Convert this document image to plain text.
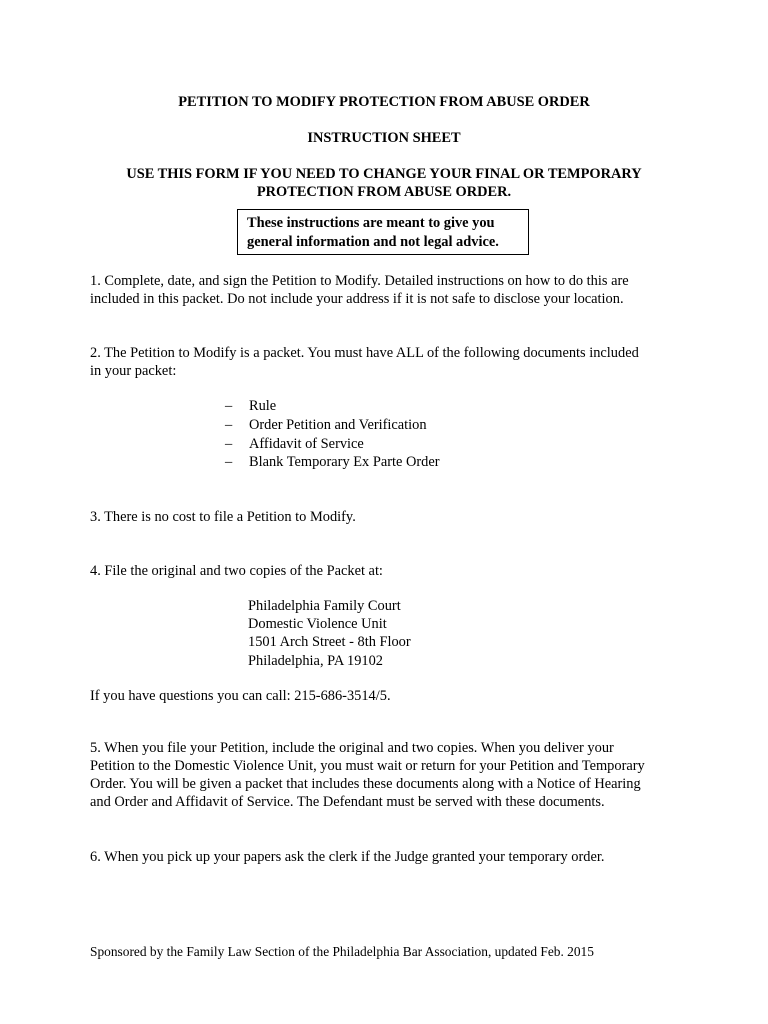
PETITION TO MODIFY PROTECTION FROM ABUSE ORDER

INSTRUCTION SHEET

USE THIS FORM IF YOU NEED TO CHANGE YOUR FINAL OR TEMPORARY

PROTECTION FROM ABUSE ORDER.

These instructions are meant to give you
general information and not legal advice.

1. Complete, date, and sign the Petition to Modify. Detailed instructions on how to do this are
included in this packet. Do not include your address if it is not safe to disclose your location.

2. The Petition to Modify is a packet. You must have ALL of the following documents included
in your packet:

–	Rule
–	Order Petition and Verification
–	Affidavit of Service
–	Blank Temporary Ex Parte Order

3. There is no cost to file a Petition to Modify.

4. File the original and two copies of the Packet at:

Philadelphia Family Court
Domestic Violence Unit
1501 Arch Street - 8th Floor
Philadelphia, PA 19102

If you have questions you can call: 215-686-3514/5.

5. When you file your Petition, include the original and two copies. When you deliver your
Petition to the Domestic Violence Unit, you must wait or return for your Petition and Temporary
Order. You will be given a packet that includes these documents along with a Notice of Hearing
and Order and Affidavit of Service. The Defendant must be served with these documents.

6. When you pick up your papers ask the clerk if the Judge granted your temporary order.

Sponsored by the Family Law Section of the Philadelphia Bar Association, updated Feb. 2015
